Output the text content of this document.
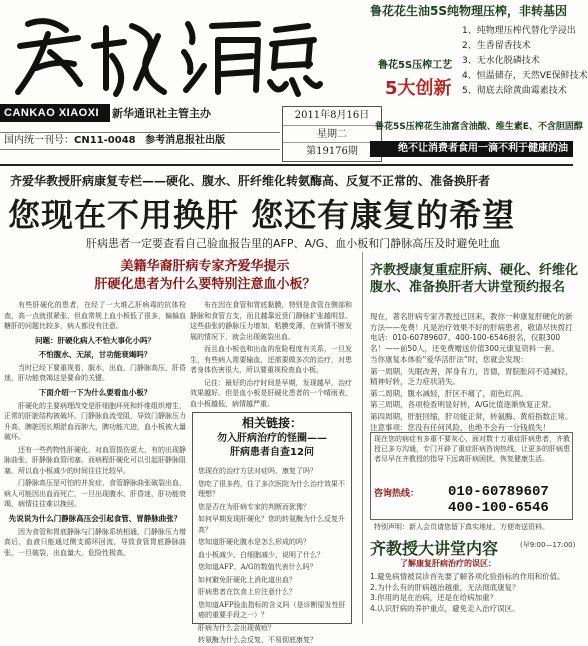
CANKAO XIAOXI	新华通讯社主管主办	2011年8月16日
星期二
第19176期
国内统一刊号：CN11-0048 参考消息报社出版
鲁花花生油5S纯物理压榨，非转基因
鲁花5S压榨工艺
5大创新
1、纯物理压榨代替化学浸出
2、生香留香技术
3、无水化脱磷技术
4、恒温储存，天然VE保鲜技术
5、彻底去除黄曲霉素技术
鲁花5S压榨花生油富含油酸、维生素E、不含胆固醇
绝不让消费者食用一滴不利于健康的油
齐爱华教授肝病康复专栏——硬化、腹水、肝纤维化转氨酶高、反复不正常的、准备换肝者
您现在不用换肝 您还有康复的希望
肝病患者一定要查看自己验血报告里的AFP、A/G、血小板和门静脉高压及时避免吐血
美籍华裔肝病专家齐爱华提示
肝硬化患者为什么要特别注意血小板？

有些肝硬化的患者，在经了一大堆乙肝病毒的抗体检查，高一点就很紧张，但血常规上血小板低了很多，偏偏血糖肝的问题比较多，病人都没有注意。

问题：肝硬化病人不怕大事化小吗？

不怕腹水、无尿，甘功能衰竭吗？

当时已经下要重视看，服水，出血，门静脉高压，肝昏迷，肝功能衰竭这是要命的关键。

下面介绍一下为什么要看血小板？

肝硬化的主要病理改变是肝细胞坏死和纤维组织增生，正常的肝脏结构被破坏，门静脉血流受阻，导致门静脉压力升高，脾脏因长期淤血而肿大，脾功能亢进，血小板被大量破坏。

还有一些药物性肝硬化，对血管损伤更大，有的出现静脉曲张，肝静脉血管闭塞，而病程肝硬化可以引起肝静脉阻塞，所以血小板减少的时间往往比较早。

门静脉高压是可怕的并发症，食管静脉曲张破裂出血，病人可能因出血而死亡，一旦出现腹水，肝昏迷，肝功能衰竭，病情往往难以挽回。

先说说为什么门静脉高压会引起食管、胃静脉曲张？

因为食管和胃底静脉与门静脉系统相通，门静脉压力增高后，血液只能通过侧支循环回流，导致食管胃底静脉曲张，一旦破裂，出血量大，危险性极高。

布在因在食管和胃底黏膜，特别是食管在侧部和静脉和食管方支，而且越靠近贲门静脉扩张越明显。这些曲张的静脉压力增加，粘膜变薄，在病情不断发展的情况下，就会出现破裂出血。

而且血小板也和出血的危险程度有关系，一旦发生，有些病人需要输血，还需要做多次的治疗，对患者身体伤害很大，所以要重视检查血小板。

记住：最好的治疗时间是早期，发现越早，治疗效果越好。但是血小板是肝硬化患者的一个晴雨表，血小板越低，病情越严重。

相关链接：
勿入肝病治疗的怪圈——
肝病患者自查12问

您现在的治疗方法对症吗，康复了吗？

您吃了很多药，住了多次医院为什么治疗效果不理想？

您是否在为肝病专家的判断而犹豫？

如何早期发现肝硬化？您的转氨酶为什么反复升高？

您知道肝硬化腹水是怎么形成的吗？

血小板减少、白细胞减少，说明了什么？

您知道AFP、A/G的数值代表什么吗？

如何避免肝硬化上消化道出血？

肝病患者在饮食上应注意什么？

您知道AFP验血指标的含义吗（是诊断原发性肝癌的重要手段之一）？

肝病为什么会出现黄疸？

转氨酶为什么会反复，不易彻底康复？

齐教授康复重症肝病、硬化、纤维化
腹水、准备换肝者大讲堂预约报名

现在，著名肝病专家齐教授已回来，教你一种康复肝硬化的新方法——免费！凡是治疗效果不好的肝病患者，敬请尽快拨打电话：010-60789607、400-100-6546报名，仅限300名！——前50人，还免费赠送价值300元康复资料一套。

当你康复本体验“爱华活肝法”时，您就会发现：

第一周期，失眠改善，浑身有力，肯德，胃脘胀闷不适减轻，精神好转，乏力症状消失。

第二周期，腹水减轻，肝区不痛了，面色红润。

第三周期，各项检查明显好转，A/G比值逐渐恢复正常。

第四周期，肝脏回缩，肝功能正常，转氨酶、黄疸指数正常。

注意事项：您没有任何风险，也绝不会有一分钱损失！

现在您的病症有多重不要灰心，面对数十万重症肝病患者，齐教授已多方沟通，专门开辟了重症肝病咨询热线，让更多的肝病患者尽早在齐教授的指导下远离肝病困扰，恢复健康生活。
咨询热线： 010-60789607
400-100-6546
特别声明：新人会员请您留下真实地址，方便寄送资料。
齐教授大讲堂内容	(早9:00—17:00)
了解康复肝病治疗的误区：

1.避免病情被误诊首先要了解各项化验指标的作用和价值。

2.为什么有的肝病越治越重，无法彻底康复？

3.你用的是在治病，还是在给病加重？

4.认识肝病的养护重点，避免走入治疗误区。
